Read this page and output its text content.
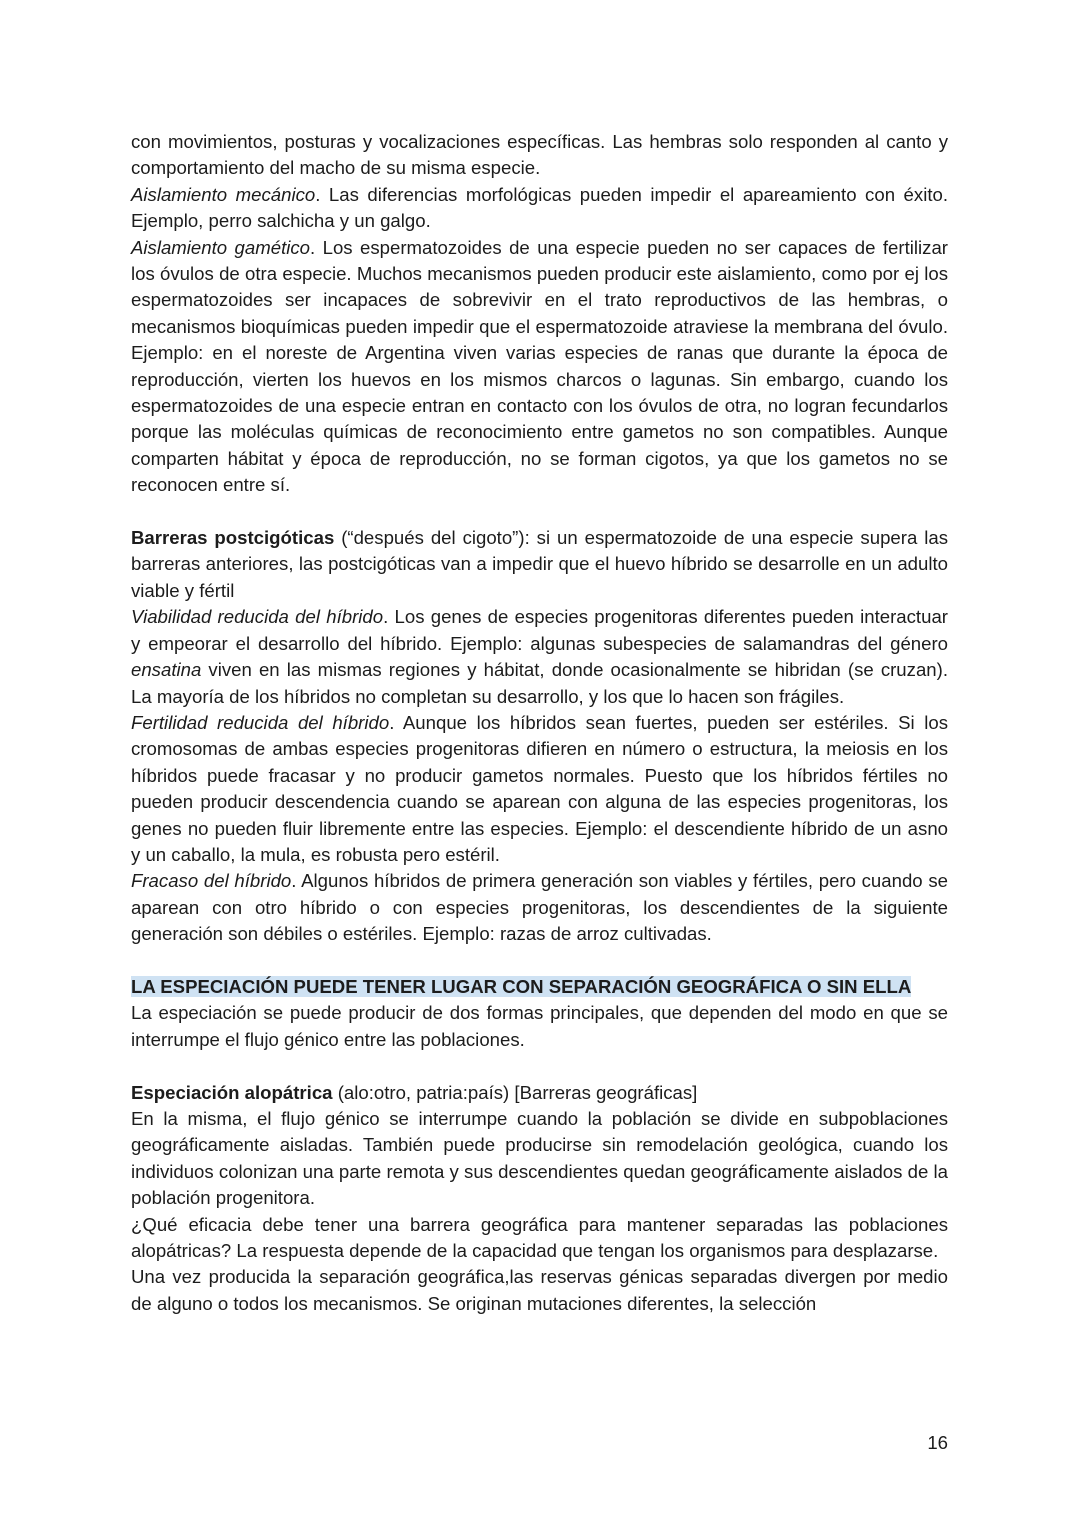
con movimientos, posturas y vocalizaciones específicas. Las hembras solo responden al canto y comportamiento del macho de su misma especie.

Aislamiento mecánico. Las diferencias morfológicas pueden impedir el apareamiento con éxito. Ejemplo, perro salchicha y un galgo.

Aislamiento gamético. Los espermatozoides de una especie pueden no ser capaces de fertilizar los óvulos de otra especie. Muchos mecanismos pueden producir este aislamiento, como por ej los espermatozoides ser incapaces de sobrevivir en el trato reproductivos de las hembras, o mecanismos bioquímicas pueden impedir que el espermatozoide atraviese la membrana del óvulo. Ejemplo: en el noreste de Argentina viven varias especies de ranas que durante la época de reproducción, vierten los huevos en los mismos charcos o lagunas. Sin embargo, cuando los espermatozoides de una especie entran en contacto con los óvulos de otra, no logran fecundarlos porque las moléculas químicas de reconocimiento entre gametos no son compatibles. Aunque comparten hábitat y época de reproducción, no se forman cigotos, ya que los gametos no se reconocen entre sí.

Barreras postcigóticas (“después del cigoto”): si un espermatozoide de una especie supera las barreras anteriores, las postcigóticas van a impedir que el huevo híbrido se desarrolle en un adulto viable y fértil

Viabilidad reducida del híbrido. Los genes de especies progenitoras diferentes pueden interactuar y empeorar el desarrollo del híbrido. Ejemplo: algunas subespecies de salamandras del género ensatina viven en las mismas regiones y hábitat, donde ocasionalmente se hibridan (se cruzan). La mayoría de los híbridos no completan su desarrollo, y los que lo hacen son frágiles.

Fertilidad reducida del híbrido. Aunque los híbridos sean fuertes, pueden ser estériles. Si los cromosomas de ambas especies progenitoras difieren en número o estructura, la meiosis en los híbridos puede fracasar y no producir gametos normales. Puesto que los híbridos fértiles no pueden producir descendencia cuando se aparean con alguna de las especies progenitoras, los genes no pueden fluir libremente entre las especies. Ejemplo: el descendiente híbrido de un asno y un caballo, la mula, es robusta pero estéril.

Fracaso del híbrido. Algunos híbridos de primera generación son viables y fértiles, pero cuando se aparean con otro híbrido o con especies progenitoras, los descendientes de la siguiente generación son débiles o estériles. Ejemplo: razas de arroz cultivadas.

LA ESPECIACIÓN PUEDE TENER LUGAR CON SEPARACIÓN GEOGRÁFICA O SIN ELLA

La especiación se puede producir de dos formas principales, que dependen del modo en que se interrumpe el flujo génico entre las poblaciones.

Especiación alopátrica (alo:otro, patria:país) [Barreras geográficas]

En la misma, el flujo génico se interrumpe cuando la población se divide en subpoblaciones geográficamente aisladas. También puede producirse sin remodelación geológica, cuando los individuos colonizan una parte remota y sus descendientes quedan geográficamente aislados de la población progenitora.

¿Qué eficacia debe tener una barrera geográfica para mantener separadas las poblaciones alopátricas? La respuesta depende de la capacidad que tengan los organismos para desplazarse.

Una vez producida la separación geográfica,las reservas génicas separadas divergen por medio de alguno o todos los mecanismos. Se originan mutaciones diferentes, la selección

16
